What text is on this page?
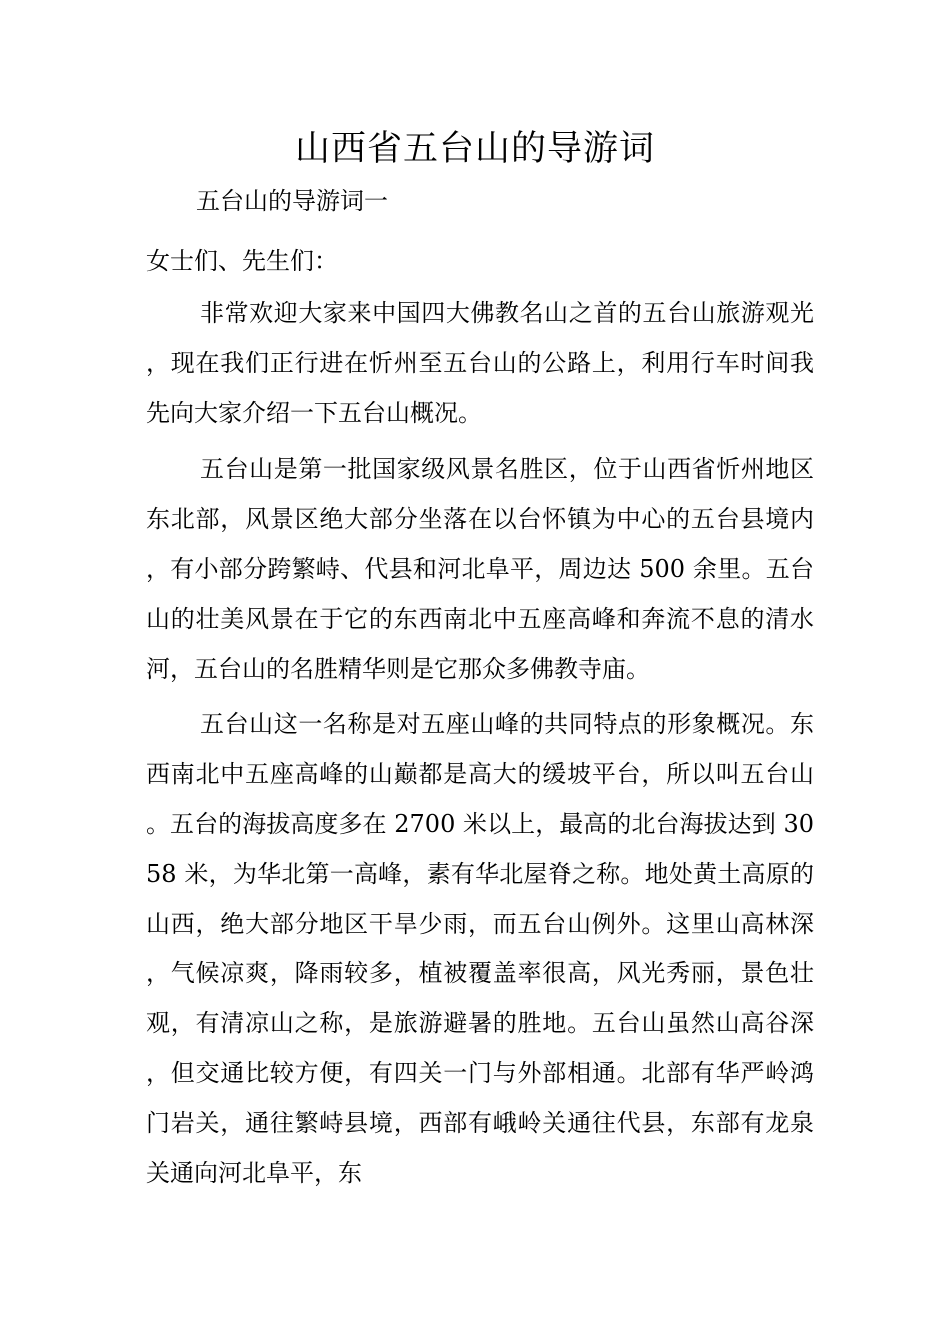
山西省五台山的导游词

五台山的导游词一

女士们、先生们：

非常欢迎大家来中国四大佛教名山之首的五台山旅游观光，现在我们正行进在忻州至五台山的公路上，利用行车时间我先向大家介绍一下五台山概况。

五台山是第一批国家级风景名胜区，位于山西省忻州地区东北部，风景区绝大部分坐落在以台怀镇为中心的五台县境内，有小部分跨繁峙、代县和河北阜平，周边达 500 余里。五台山的壮美风景在于它的东西南北中五座高峰和奔流不息的清水河，五台山的名胜精华则是它那众多佛教寺庙。

五台山这一名称是对五座山峰的共同特点的形象概况。东西南北中五座高峰的山巅都是高大的缓坡平台，所以叫五台山。五台的海拔高度多在 2700 米以上，最高的北台海拔达到 3058 米，为华北第一高峰，素有华北屋脊之称。地处黄土高原的山西，绝大部分地区干旱少雨，而五台山例外。这里山高林深，气候凉爽，降雨较多，植被覆盖率很高，风光秀丽，景色壮观，有清凉山之称，是旅游避暑的胜地。五台山虽然山高谷深，但交通比较方便，有四关一门与外部相通。北部有华严岭鸿门岩关，通往繁峙县境，西部有峨岭关通往代县，东部有龙泉关通向河北阜平，东
